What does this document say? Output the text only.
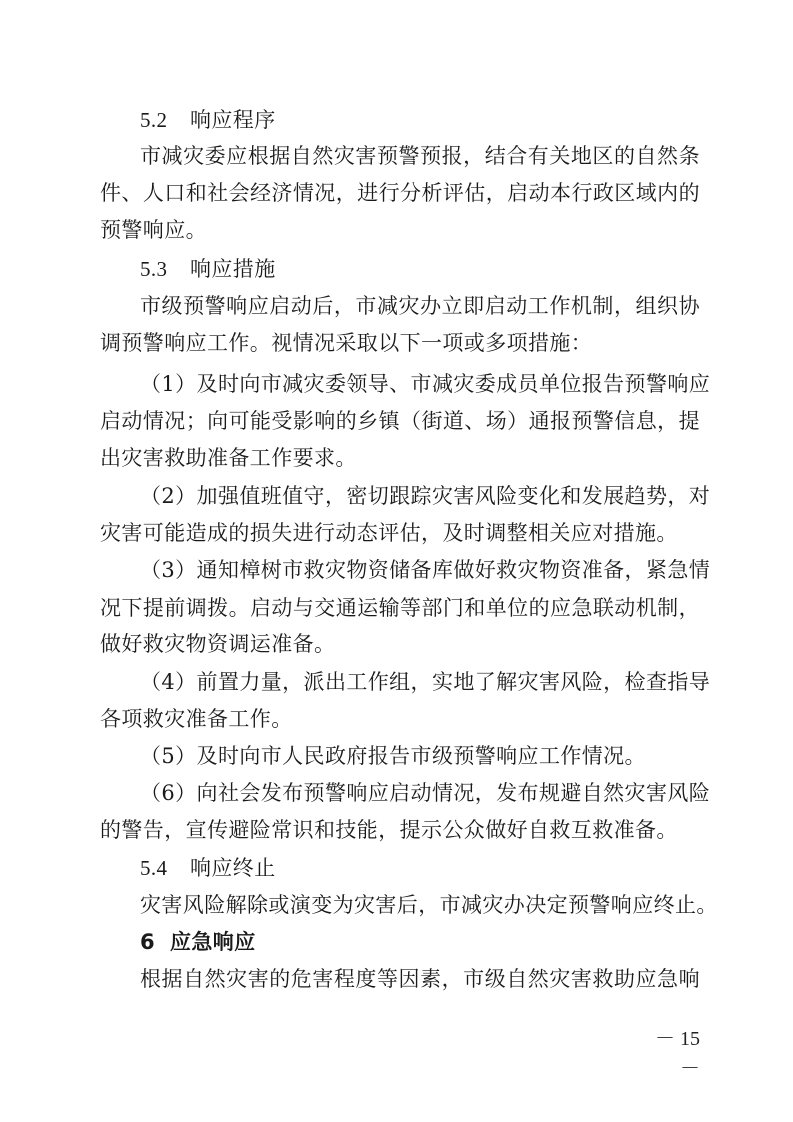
5.2 响应程序
市减灾委应根据自然灾害预警预报，结合有关地区的自然条
件、人口和社会经济情况，进行分析评估，启动本行政区域内的
预警响应。
5.3 响应措施
市级预警响应启动后，市减灾办立即启动工作机制，组织协
调预警响应工作。视情况采取以下一项或多项措施：
（1）及时向市减灾委领导、市减灾委成员单位报告预警响应
启动情况；向可能受影响的乡镇（街道、场）通报预警信息，提
出灾害救助准备工作要求。
（2）加强值班值守，密切跟踪灾害风险变化和发展趋势，对
灾害可能造成的损失进行动态评估，及时调整相关应对措施。
（3）通知樟树市救灾物资储备库做好救灾物资准备，紧急情
况下提前调拨。启动与交通运输等部门和单位的应急联动机制，
做好救灾物资调运准备。
（4）前置力量，派出工作组，实地了解灾害风险，检查指导
各项救灾准备工作。
（5）及时向市人民政府报告市级预警响应工作情况。
（6）向社会发布预警响应启动情况，发布规避自然灾害风险
的警告，宣传避险常识和技能，提示公众做好自救互救准备。
5.4 响应终止
灾害风险解除或演变为灾害后，市减灾办决定预警响应终止。
6 应急响应
根据自然灾害的危害程度等因素，市级自然灾害救助应急响
－ 15 －
